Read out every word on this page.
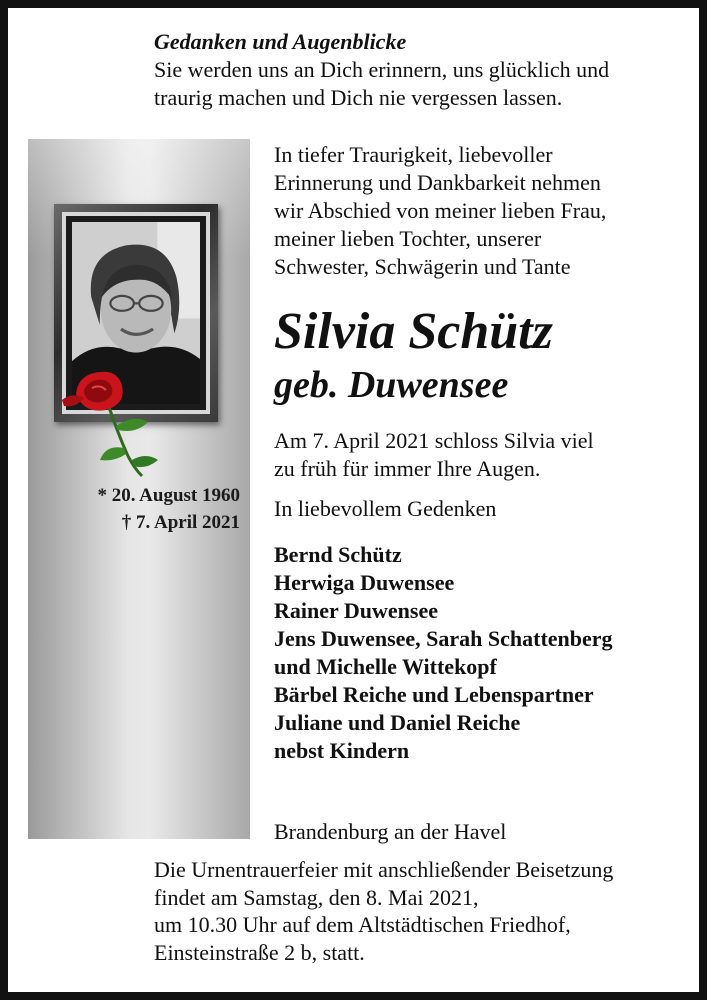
Gedanken und Augenblicke
Sie werden uns an Dich erinnern, uns glücklich und
traurig machen und Dich nie vergessen lassen.
* 20. August 1960
† 7. April 2021
In tiefer Traurigkeit, liebevoller
Erinnerung und Dankbarkeit nehmen
wir Abschied von meiner lieben Frau,
meiner lieben Tochter, unserer
Schwester, Schwägerin und Tante
Silvia Schütz
geb. Duwensee
Am 7. April 2021 schloss Silvia viel
zu früh für immer Ihre Augen.
In liebevollem Gedenken
Bernd Schütz
Herwiga Duwensee
Rainer Duwensee
Jens Duwensee, Sarah Schattenberg
und Michelle Wittekopf
Bärbel Reiche und Lebenspartner
Juliane und Daniel Reiche
nebst Kindern
Brandenburg an der Havel
Die Urnentrauerfeier mit anschließender Beisetzung
findet am Samstag, den 8. Mai 2021,
um 10.30 Uhr auf dem Altstädtischen Friedhof,
Einsteinstraße 2 b, statt.
